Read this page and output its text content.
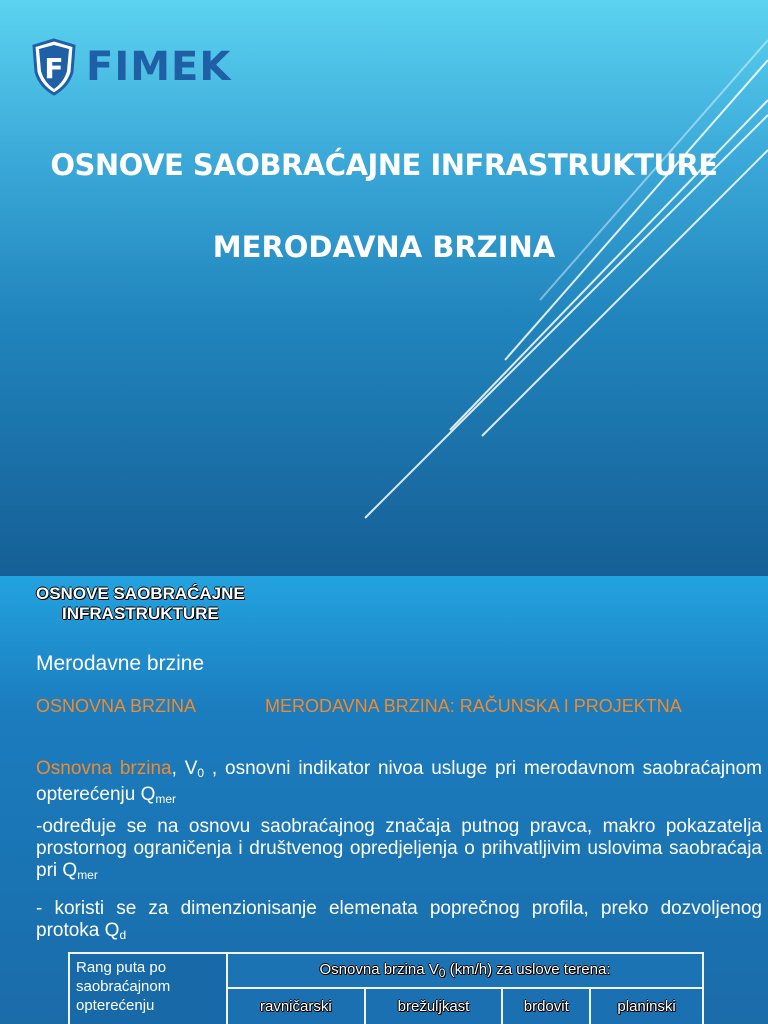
F FIMEK
OSNOVE SAOBRAĆAJNE INFRASTRUKTURE
MERODAVNA BRZINA
OSNOVE SAOBRAĆAJNE
INFRASTRUKTURE
Merodavne brzine
OSNOVNA BRZINA	MERODAVNA BRZINA: RAČUNSKA I PROJEKTNA
Osnovna brzina, $V_0$ , osnovni indikator nivoa usluge pri merodavnom saobraćajnom opterećenju $Q_{mer}$
-određuje se na osnovu saobraćajnog značaja putnog pravca, makro pokazatelja prostornog ograničenja i društvenog opredjeljenja o prihvatljivim uslovima saobraćaja pri $Q_{mer}$
- koristi se za dimenzionisanje elemenata poprečnog profila, preko dozvoljenog protoka $Q_d$
Rang puta po saobraćajnom opterećenju	Osnovna brzina $V_0$ (km/h) za uslove terena:			
	ravničarski	brežuljkast	brdovit	planinski
